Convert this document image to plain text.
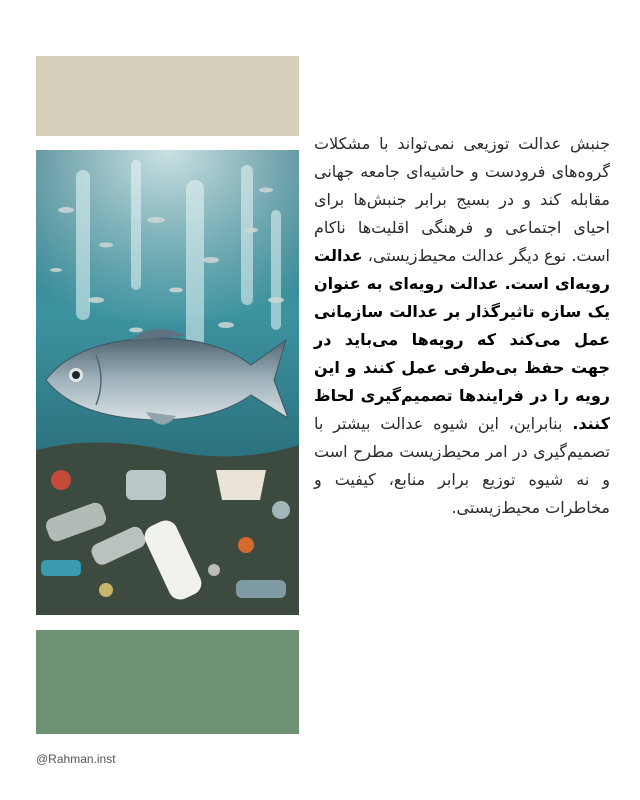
جنبش عدالت توزیعی نمی‌تواند با مشکلات گروه‌های فرودست و حاشیه‌ای جامعه جهانی مقابله کند و در بسیج برابر جنبش‌ها برای احیای اجتماعی و فرهنگی اقلیت‌ها ناکام است. نوع دیگر عدالت محیط‌زیستی، عدالت رویه‌ای است. عدالت رویه‌ای به عنوان یک سازه تاثیرگذار بر عدالت سازمانی عمل می‌کند که رویه‌ها می‌باید در جهت حفظ بی‌طرفی عمل کنند و این رویه را در فرایندها تصمیم‌گیری لحاظ کنند. بنابراین، این شیوه عدالت بیشتر با تصمیم‌گیری در امر محیط‌زیست مطرح است و نه شیوه توزیع برابر منابع، کیفیت و مخاطرات محیط‌زیستی.

@Rahman.inst
